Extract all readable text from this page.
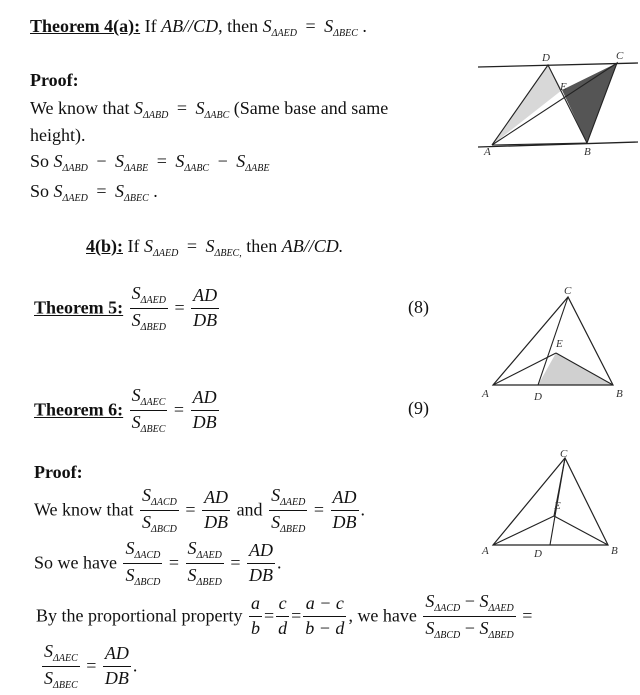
Theorem 4(a): If AB//CD, then $S_{\Delta AED} = S_{\Delta BEC}$ .
Proof:
We know that $S_{\Delta ABD} = S_{\Delta ABC}$ (Same base and same
height).
So $S_{\Delta ABD} - S_{\Delta ABE} = S_{\Delta ABC} - S_{\Delta ABE}$
So $S_{\Delta AED} = S_{\Delta BEC}$ .
4(b): If $S_{\Delta AED} = S_{\Delta BEC,}$ then AB//CD.
Theorem 5: $\frac{S_{\Delta AED}}{S_{\Delta BED}} = \frac{AD}{DB}$	(8)
Theorem 6: $\frac{S_{\Delta AEC}}{S_{\Delta BEC}} = \frac{AD}{DB}$	(9)
Proof:
We know that $\frac{S_{\Delta ACD}}{S_{\Delta BCD}} = \frac{AD}{DB}$ and $\frac{S_{\Delta AED}}{S_{\Delta BED}} = \frac{AD}{DB}$ .
So we have $\frac{S_{\Delta ACD}}{S_{\Delta BCD}} = \frac{S_{\Delta AED}}{S_{\Delta BED}} = \frac{AD}{DB}$ .
By the proportional property $\frac{a}{b} = \frac{c}{d} = \frac{a - c}{b - d}$ , we have $\frac{S_{\Delta ACD} - S_{\Delta AED}}{S_{\Delta BCD} - S_{\Delta BED}}$ =
$\frac{S_{\Delta AEC}}{S_{\Delta BEC}} = \frac{AD}{DB}$ .
D	C
E
A	B
C
E
A	D	B
C
E
A	D	B
